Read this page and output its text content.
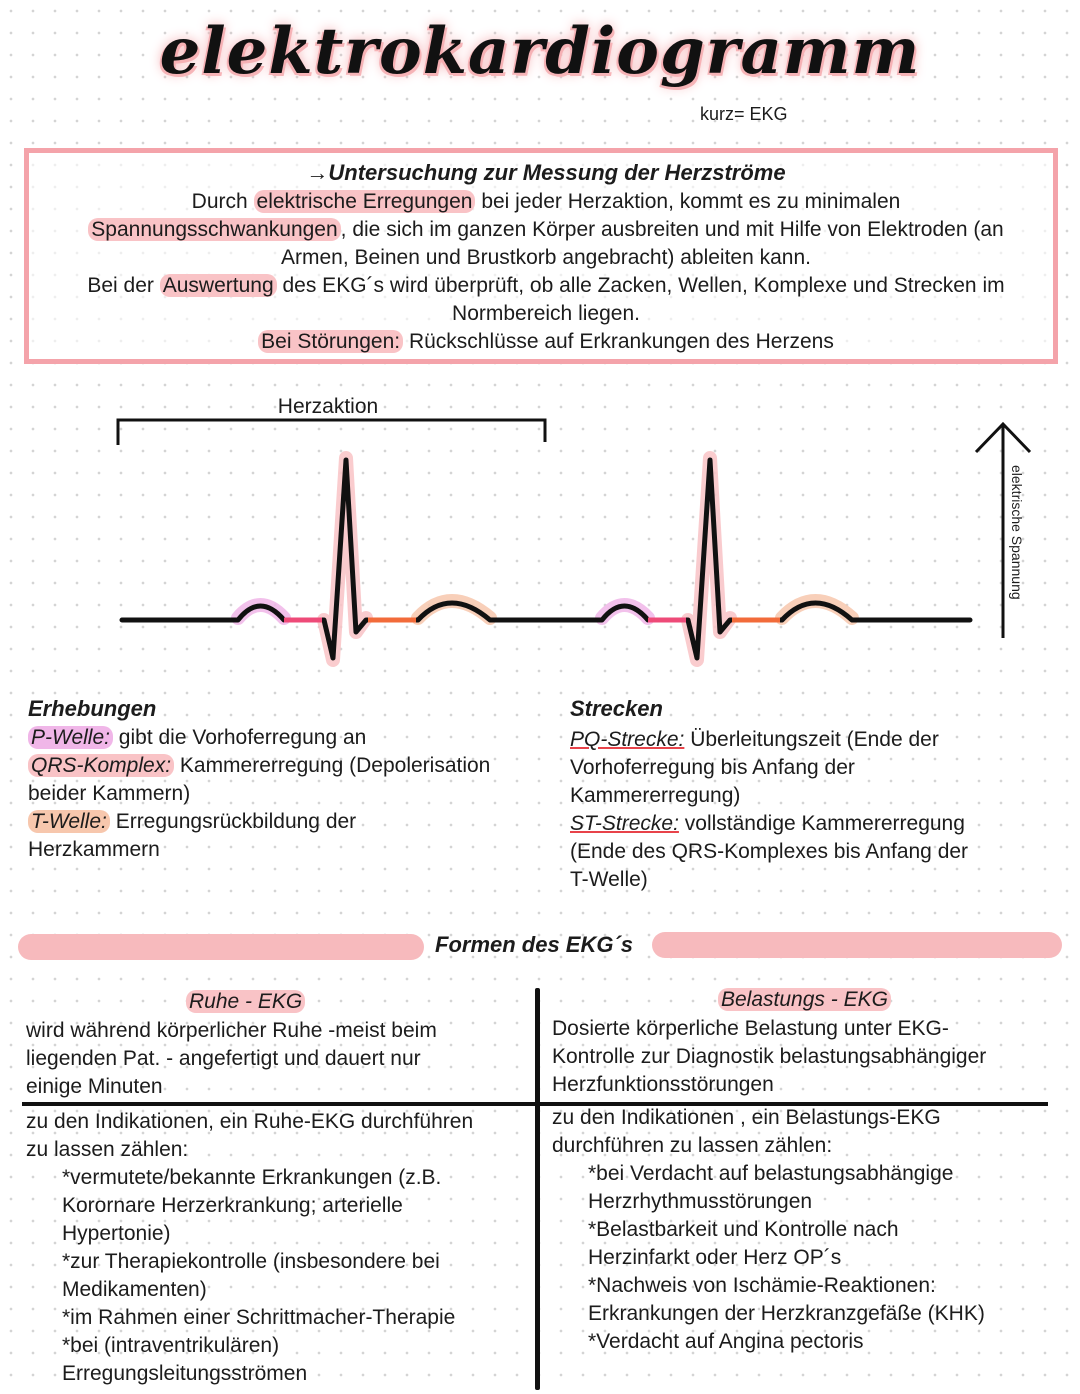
elektrokardiogramm
kurz= EKG
→Untersuchung zur Messung der Herzströme
Durch elektrische Erregungen bei jeder Herzaktion, kommt es zu minimalen
Spannungsschwankungen , die sich im ganzen Körper ausbreiten und mit Hilfe von Elektroden (an
Armen, Beinen und Brustkorb angebracht) ableiten kann.
Bei der Auswertung des EKG´s wird überprüft, ob alle Zacken, Wellen, Komplexe und Strecken im
Normbereich liegen.
Bei Störungen: Rückschlüsse auf Erkrankungen des Herzens
Herzaktion
elektrische Spannung
Erhebungen
P-Welle: gibt die Vorhoferregung an
QRS-Komplex: Kammererregung (Depolerisation
beider Kammern)
T-Welle: Erregungsrückbildung der
Herzkammern
Strecken
PQ-Strecke: Überleitungszeit (Ende der
Vorhoferregung bis Anfang der
Kammererregung)
ST-Strecke: vollständige Kammererregung
(Ende des QRS-Komplexes bis Anfang der
T-Welle)
Formen des EKG´s
Ruhe - EKG
wird während körperlicher Ruhe -meist beim
liegenden Pat. - angefertigt und dauert nur
einige Minuten
zu den Indikationen, ein Ruhe-EKG durchführen
zu lassen zählen:
*vermutete/bekannte Erkrankungen (z.B.
Korornare Herzerkrankung; arterielle
Hypertonie)
*zur Therapiekontrolle (insbesondere bei
Medikamenten)
*im Rahmen einer Schrittmacher-Therapie
*bei (intraventrikulären)
Erregungsleitungsströmen
Belastungs - EKG
Dosierte körperliche Belastung unter EKG-
Kontrolle zur Diagnostik belastungsabhängiger
Herzfunktionsstörungen
zu den Indikationen , ein Belastungs-EKG
durchführen zu lassen zählen:
*bei Verdacht auf belastungsabhängige
Herzrhythmusstörungen
*Belastbarkeit und Kontrolle nach
Herzinfarkt oder Herz OP´s
*Nachweis von Ischämie-Reaktionen:
Erkrankungen der Herzkranzgefäße (KHK)
*Verdacht auf Angina pectoris
